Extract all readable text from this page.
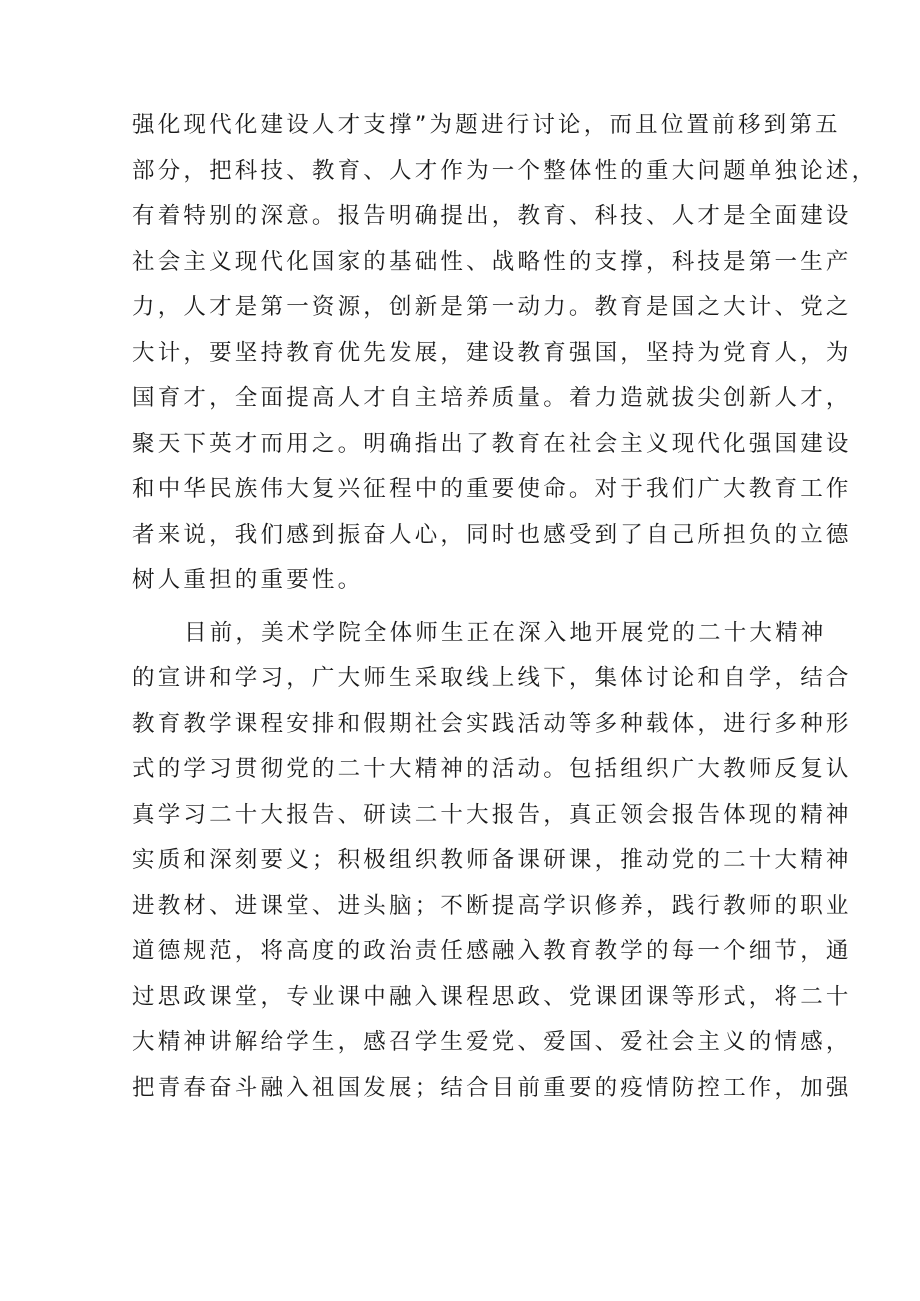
强化现代化建设人才支撑”为题进行讨论，而且位置前移到第五
部分，把科技、教育、人才作为一个整体性的重大问题单独论述，
有着特别的深意。报告明确提出，教育、科技、人才是全面建设
社会主义现代化国家的基础性、战略性的支撑，科技是第一生产
力，人才是第一资源，创新是第一动力。教育是国之大计、党之
大计，要坚持教育优先发展，建设教育强国，坚持为党育人，为
国育才，全面提高人才自主培养质量。着力造就拔尖创新人才，
聚天下英才而用之。明确指出了教育在社会主义现代化强国建设
和中华民族伟大复兴征程中的重要使命。对于我们广大教育工作
者来说，我们感到振奋人心，同时也感受到了自己所担负的立德
树人重担的重要性。
目前，美术学院全体师生正在深入地开展党的二十大精神
的宣讲和学习，广大师生采取线上线下，集体讨论和自学，结合
教育教学课程安排和假期社会实践活动等多种载体，进行多种形
式的学习贯彻党的二十大精神的活动。包括组织广大教师反复认
真学习二十大报告、研读二十大报告，真正领会报告体现的精神
实质和深刻要义；积极组织教师备课研课，推动党的二十大精神
进教材、进课堂、进头脑；不断提高学识修养，践行教师的职业
道德规范，将高度的政治责任感融入教育教学的每一个细节，通
过思政课堂，专业课中融入课程思政、党课团课等形式，将二十
大精神讲解给学生，感召学生爱党、爱国、爱社会主义的情感，
把青春奋斗融入祖国发展；结合目前重要的疫情防控工作，加强
